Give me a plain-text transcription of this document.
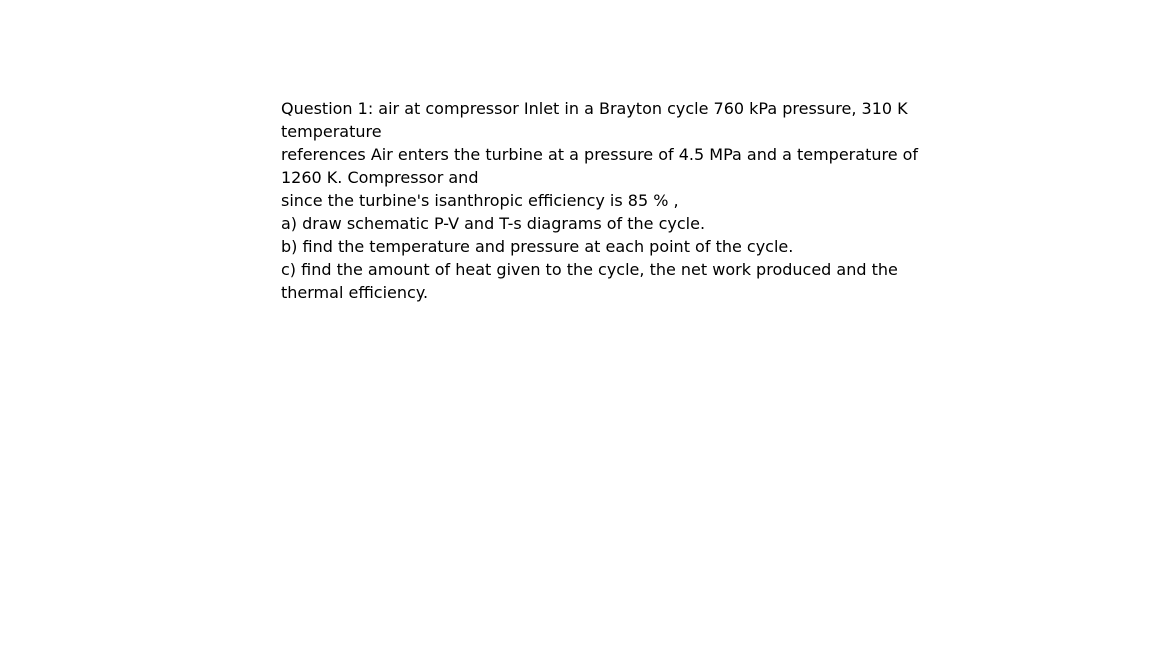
Question 1: air at compressor Inlet in a Brayton cycle 760 kPa pressure, 310 K
temperature
references Air enters the turbine at a pressure of 4.5 MPa and a temperature of
1260 K. Compressor and
since the turbine's isanthropic efficiency is 85 % ,
a) draw schematic P-V and T-s diagrams of the cycle.
b) find the temperature and pressure at each point of the cycle.
c) find the amount of heat given to the cycle, the net work produced and the
thermal efficiency.
